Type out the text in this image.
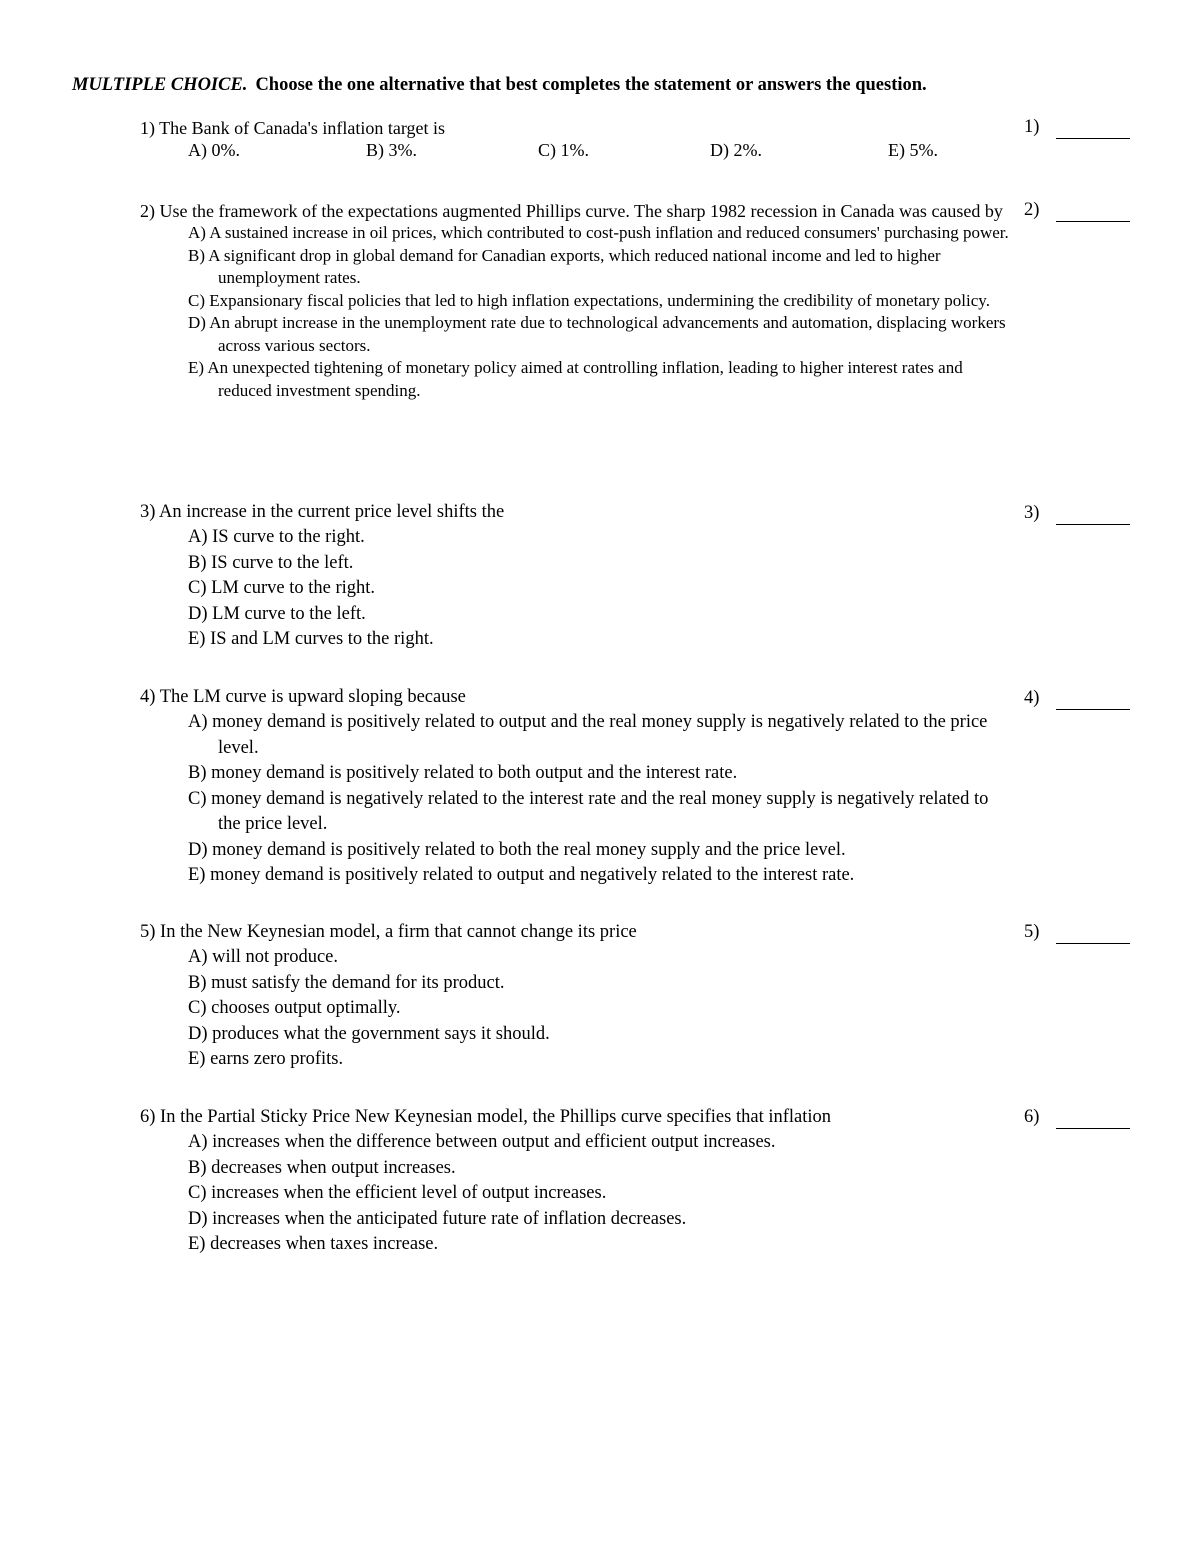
MULTIPLE CHOICE. Choose the one alternative that best completes the statement or answers the question.
1) The Bank of Canada's inflation target is
A) 0%.	B) 3%.	C) 1%.	D) 2%.	E) 5%.
1)
2) Use the framework of the expectations augmented Phillips curve. The sharp 1982 recession in Canada was caused by
A) A sustained increase in oil prices, which contributed to cost-push inflation and reduced consumers' purchasing power.
B) A significant drop in global demand for Canadian exports, which reduced national income and led to higher unemployment rates.
C) Expansionary fiscal policies that led to high inflation expectations, undermining the credibility of monetary policy.
D) An abrupt increase in the unemployment rate due to technological advancements and automation, displacing workers across various sectors.
E) An unexpected tightening of monetary policy aimed at controlling inflation, leading to higher interest rates and reduced investment spending.
2)
3) An increase in the current price level shifts the
A) IS curve to the right.
B) IS curve to the left.
C) LM curve to the right.
D) LM curve to the left.
E) IS and LM curves to the right.
3)
4) The LM curve is upward sloping because
A) money demand is positively related to output and the real money supply is negatively related to the price level.
B) money demand is positively related to both output and the interest rate.
C) money demand is negatively related to the interest rate and the real money supply is negatively related to the price level.
D) money demand is positively related to both the real money supply and the price level.
E) money demand is positively related to output and negatively related to the interest rate.
4)
5) In the New Keynesian model, a firm that cannot change its price
A) will not produce.
B) must satisfy the demand for its product.
C) chooses output optimally.
D) produces what the government says it should.
E) earns zero profits.
5)
6) In the Partial Sticky Price New Keynesian model, the Phillips curve specifies that inflation
A) increases when the difference between output and efficient output increases.
B) decreases when output increases.
C) increases when the efficient level of output increases.
D) increases when the anticipated future rate of inflation decreases.
E) decreases when taxes increase.
6)
